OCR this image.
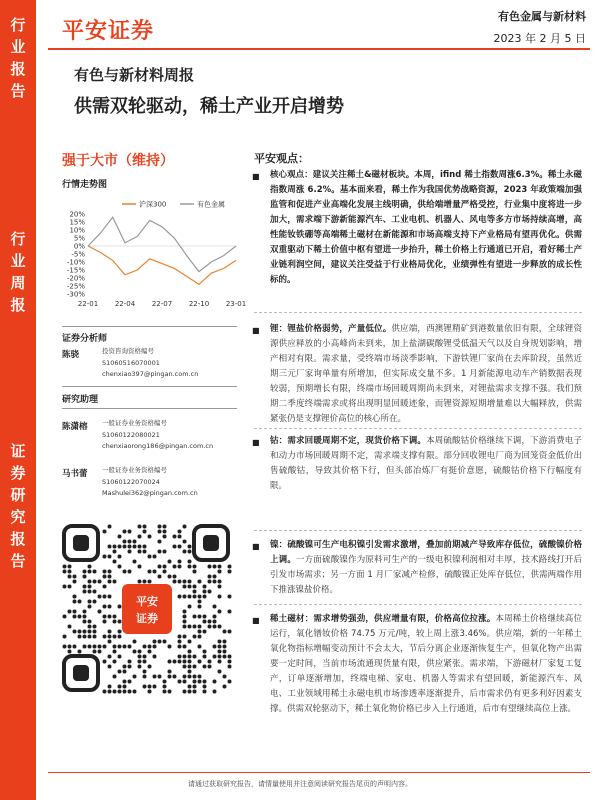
行
业
报
告
行
业
周
报
证
券
研
究
报
告
平安证券
有色金属与新材料
2023 年 2 月 5 日
有色与新材料周报
供需双轮驱动，稀土产业开启增势
强于大市（维持）
行情走势图
20%
15%
10%
5%
0%
-5%
-10%
-15%
-20%
-25%
-30%
22-01 22-04 22-07 22-10 23-01
沪深300	有色金属
证券分析师
陈骁	投资咨询资格编号
S1060516070001
chenxiao397@pingan.com.cn
研究助理
陈潇榕 一般证券业务资格编号
S1060122080021
chenxiaorong186@pingan.com.cn
马书蕾 一般证券业务资格编号
S1060122070024
Mashulei362@pingan.com.cn
平安
证券
平安观点：
■	核心观点：建议关注稀土&磁材板块。本周，ifind 稀土指数周涨6.3%。稀土永磁指数周涨 6.2%。基本面来看，稀土作为我国优势战略资源，2023 年政策端加强监管和促进产业高端化发展主线明确，供给端增量严格受控，行业集中度将进一步加大，需求端下游新能源汽车、工业电机、机器人、风电等多方市场持续高增，高性能钕铁硼等高端稀土磁材在新能源和市场高端支持下产业格局有望再优化。供需双重驱动下稀土价值中枢有望进一步抬升，稀土价格上行通道已开启，看好稀土产业链利润空间，建议关注受益于行业格局优化，业绩弹性有望进一步释放的成长性标的。
■	锂：锂盐价格弱势，产量低位。供应端，西澳锂精矿到港数量依旧有限，全球锂资源供应释放的小高峰尚未到来，加上盐湖碳酸锂受低温天气以及自身规划影响，增产相对有限。需求量，受终端市场淡季影响，下游铁锂厂家尚在去库阶段，虽然近期三元厂家询单量有所增加，但实际成交量不多。1 月新能源电动车产销数据表现较弱，预期增长有限，终端市场回暖周期尚未到来，对锂盐需求支撑不强。我们预期二季度终端需求或将出现明显回暖迹象，而锂资源短期增量难以大幅释放，供需紧张仍是支撑锂价高位的核心所在。
■	钴：需求回暖周期不定，现货价格下调。本周硫酸钴价格继续下调，下游消费电子和动力市场回暖周期不定，需求端支撑有限。部分回收锂电厂商为回笼资金低价出售硫酸钴，导致其价格下行，但头部冶炼厂有挺价意愿，硫酸钴价格下行幅度有限。
■	镍：硫酸镍可生产电积镍引发需求激增，叠加前期减产导致库存低位，硫酸镍价格上调。一方面硫酸镍作为原料可生产的一级电积镍利润相对丰厚，技术路线打开后引发市场需求；另一方面 1 月厂家减产检修，硫酸镍正处库存低位，供需两端作用下推涨镍盐价格。
■	稀土磁材：需求增势强劲，供应增量有限，价格高位拉涨。本周稀土价格继续高位运行，氧化镨钕价格 74.75 万元/吨，较上周上涨3.46%。供应端，新的一年稀土氧化物指标增幅变动预计不会太大，节后分离企业逐渐恢复生产，但氧化物产出需要一定时间，当前市场流通现货量有限，供应紧张。需求端，下游磁材厂家复工复产，订单逐渐增加，终端电梯、家电、机器人等需求有望回暖，新能源汽车、风电、工业领域用稀土永磁电机市场渗透率逐渐提升，后市需求仍有更多利好因素支撑。供需双轮驱动下，稀土氧化物价格已步入上行通道，后市有望继续高位上涨。
请通过获取研究报告，请情量使用并注意阅读研究报告尾页的声明内容。
